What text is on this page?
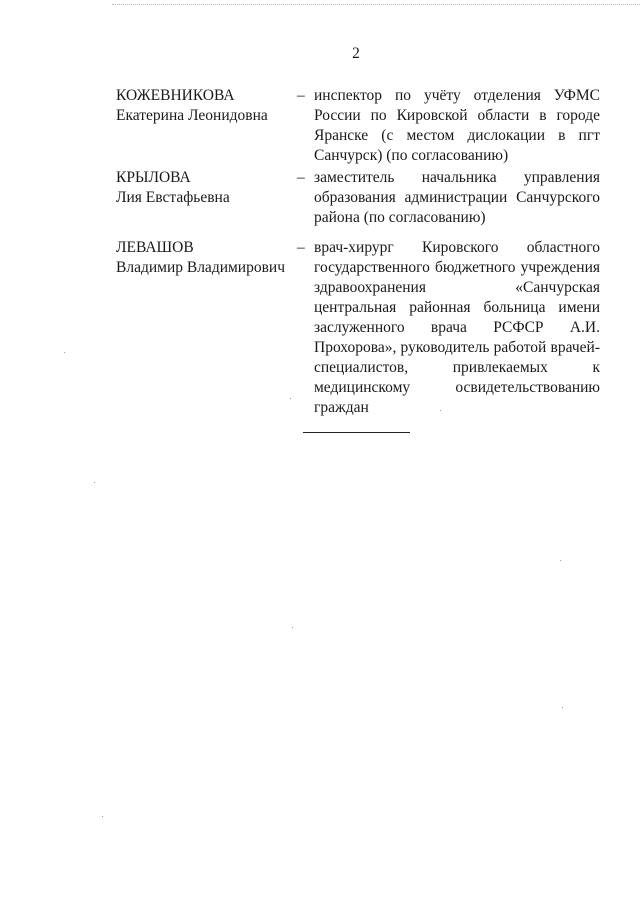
2
КОЖЕВНИКОВА
Екатерина Леонидовна
– инспектор по учёту отделения УФМС России по Кировской области в городе Яранске (с местом дислокации в пгт Санчурск) (по согласованию)
КРЫЛОВА
Лия Евстафьевна
– заместитель начальника управления образования администрации Санчурского района (по согласованию)
ЛЕВАШОВ
Владимир Владимирович
– врач-хирург Кировского областного государственного бюджетного учреждения здравоохранения «Санчурская центральная районная больница имени заслуженного врача РСФСР А.И. Прохорова», руководитель работой врачей-специалистов, привлекаемых к медицинскому освидетельствованию граждан
